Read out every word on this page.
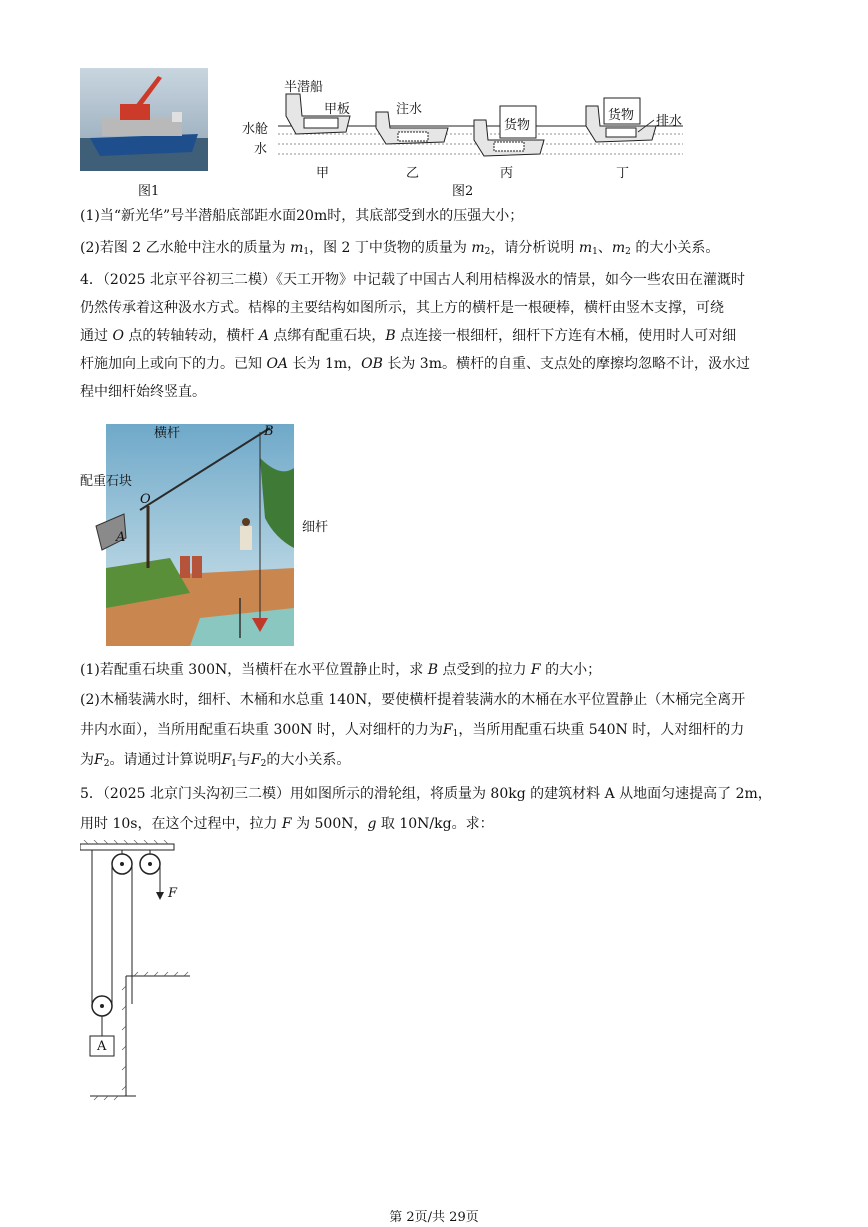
图1
半潜船
甲板
水舱
水
注水
货物
货物 排水
甲	乙	丙	丁
图2
(1)当“新光华”号半潜船底部距水面20m时，其底部受到水的压强大小；
(2)若图 2 乙水舱中注水的质量为 $m_1$，图 2 丁中货物的质量为 $m_2$，请分析说明 $m_1$、$m_2$ 的大小关系。
4．（2025 北京平谷初三二模）《天工开物》中记载了中国古人利用桔槔汲水的情景，如今一些农田在灌溉时
仍然传承着这种汲水方式。桔槔的主要结构如图所示，其上方的横杆是一根硬棒，横杆由竖木支撑，可绕
通过 O 点的转轴转动，横杆 A 点绑有配重石块，B 点连接一根细杆，细杆下方连有木桶，使用时人可对细
杆施加向上或向下的力。已知 OA 长为 1m，OB 长为 3m。横杆的自重、支点处的摩擦均忽略不计，汲水过
程中细杆始终竖直。
横杆	B
配重石块
O
A
细杆
(1)若配重石块重 300N，当横杆在水平位置静止时，求 B 点受到的拉力 F 的大小；
(2)木桶装满水时，细杆、木桶和水总重 140N，要使横杆提着装满水的木桶在水平位置静止（木桶完全离开
井内水面），当所用配重石块重 300N 时，人对细杆的力为$F_1$，当所用配重石块重 540N 时，人对细杆的力
为$F_2$。请通过计算说明$F_1$与$F_2$的大小关系。
5．（2025 北京门头沟初三二模）用如图所示的滑轮组，将质量为 80kg 的建筑材料 A 从地面匀速提高了 2m，
用时 10s，在这个过程中，拉力 F 为 500N，g 取 10N/kg。求：
F
A
第 2页/共 29页
